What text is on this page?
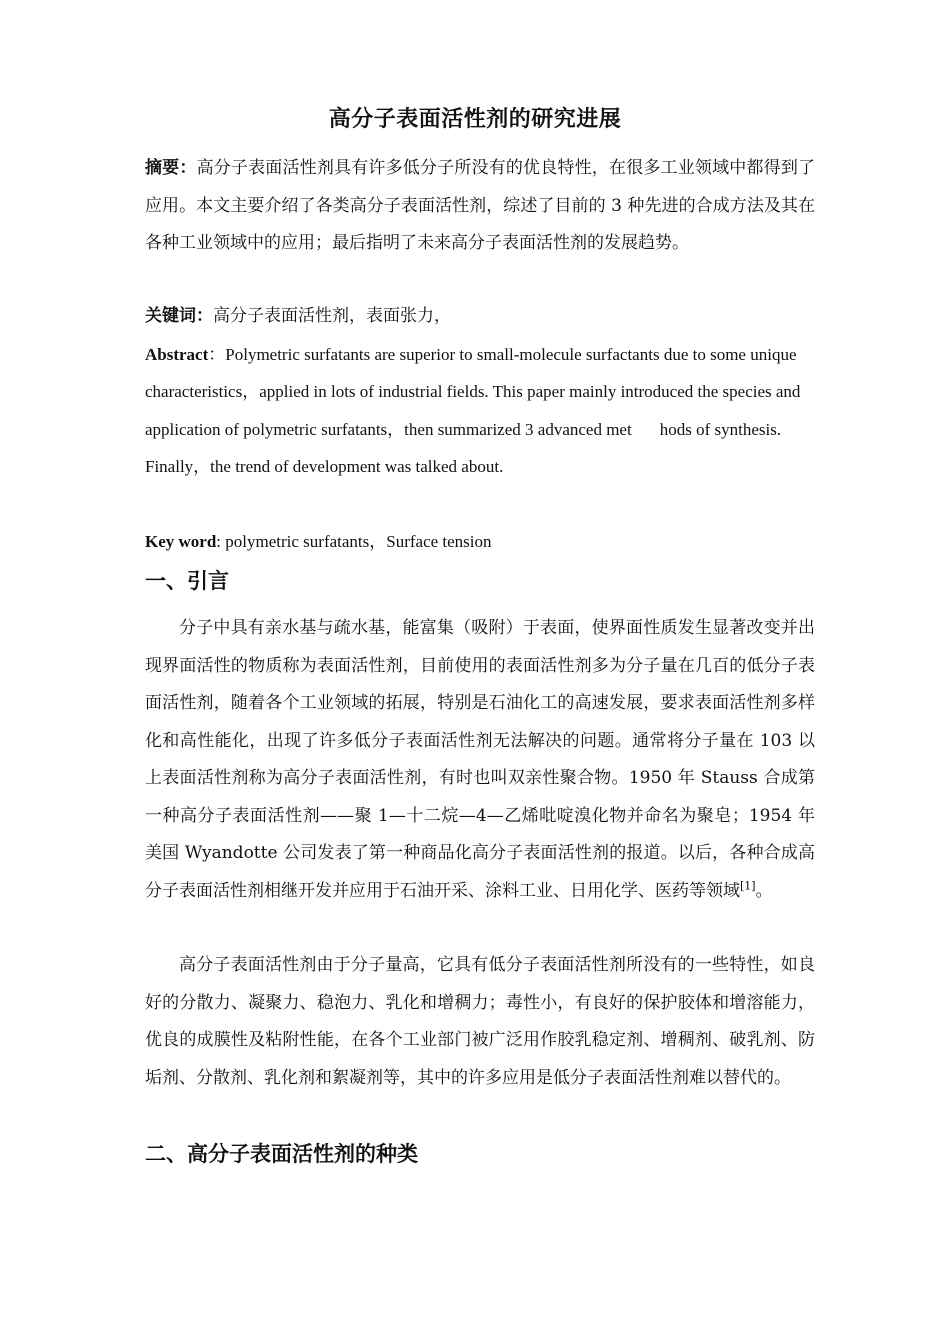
高分子表面活性剂的研究进展
摘要：高分子表面活性剂具有许多低分子所没有的优良特性，在很多工业领域中都得到了应用。本文主要介绍了各类高分子表面活性剂，综述了目前的 3 种先进的合成方法及其在各种工业领域中的应用；最后指明了未来高分子表面活性剂的发展趋势。
关键词：高分子表面活性剂，表面张力，
Abstract：Polymetric surfatants are superior to small-molecule surfactants due to some unique characteristics，applied in lots of industrial fields. This paper mainly introduced the species and application of polymetric surfatants，then summarized 3 advanced met hods of synthesis. Finally，the trend of development was talked about.
Key word: polymetric surfatants，Surface tension
一、引言
分子中具有亲水基与疏水基，能富集（吸附）于表面，使界面性质发生显著改变并出现界面活性的物质称为表面活性剂，目前使用的表面活性剂多为分子量在几百的低分子表面活性剂，随着各个工业领域的拓展，特别是石油化工的高速发展，要求表面活性剂多样化和高性能化，出现了许多低分子表面活性剂无法解决的问题。通常将分子量在 103 以上表面活性剂称为高分子表面活性剂，有时也叫双亲性聚合物。1950 年 Stauss 合成第一种高分子表面活性剂——聚 1—十二烷—4—乙烯吡啶溴化物并命名为聚皂；1954 年美国 Wyandotte 公司发表了第一种商品化高分子表面活性剂的报道。以后，各种合成高分子表面活性剂相继开发并应用于石油开采、涂料工业、日用化学、医药等领域[1]。
高分子表面活性剂由于分子量高，它具有低分子表面活性剂所没有的一些特性，如良好的分散力、凝聚力、稳泡力、乳化和增稠力；毒性小，有良好的保护胶体和增溶能力，优良的成膜性及粘附性能，在各个工业部门被广泛用作胶乳稳定剂、增稠剂、破乳剂、防垢剂、分散剂、乳化剂和絮凝剂等，其中的许多应用是低分子表面活性剂难以替代的。
二、高分子表面活性剂的种类
